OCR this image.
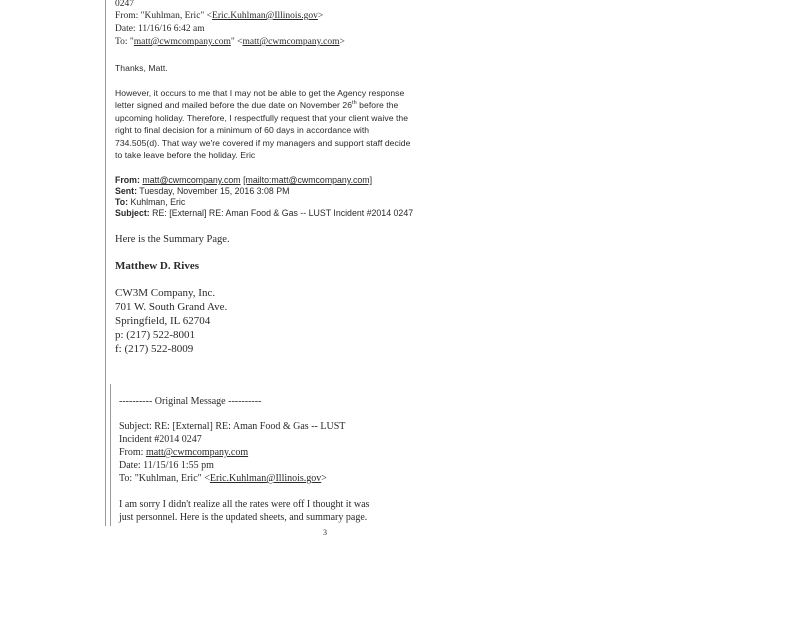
0247
From: "Kuhlman, Eric" <Eric.Kuhlman@Illinois.gov>
Date: 11/16/16 6:42 am
To: "matt@cwmcompany.com" <matt@cwmcompany.com>
Thanks, Matt.
However, it occurs to me that I may not be able to get the Agency response
letter signed and mailed before the due date on November 26th before the
upcoming holiday. Therefore, I respectfully request that your client waive the
right to final decision for a minimum of 60 days in accordance with
734.505(d). That way we're covered if my managers and support staff decide
to take leave before the holiday. Eric
From: matt@cwmcompany.com [mailto:matt@cwmcompany.com]
Sent: Tuesday, November 15, 2016 3:08 PM
To: Kuhlman, Eric
Subject: RE: [External] RE: Aman Food & Gas -- LUST Incident #2014 0247
Here is the Summary Page.
Matthew D. Rives
CW3M Company, Inc.
701 W. South Grand Ave.
Springfield, IL 62704
p: (217) 522-8001
f: (217) 522-8009
---------- Original Message ----------
Subject: RE: [External] RE: Aman Food & Gas -- LUST
Incident #2014 0247
From: matt@cwmcompany.com
Date: 11/15/16 1:55 pm
To: "Kuhlman, Eric" <Eric.Kuhlman@Illinois.gov>
I am sorry I didn't realize all the rates were off I thought it was
just personnel. Here is the updated sheets, and summary page.
3
